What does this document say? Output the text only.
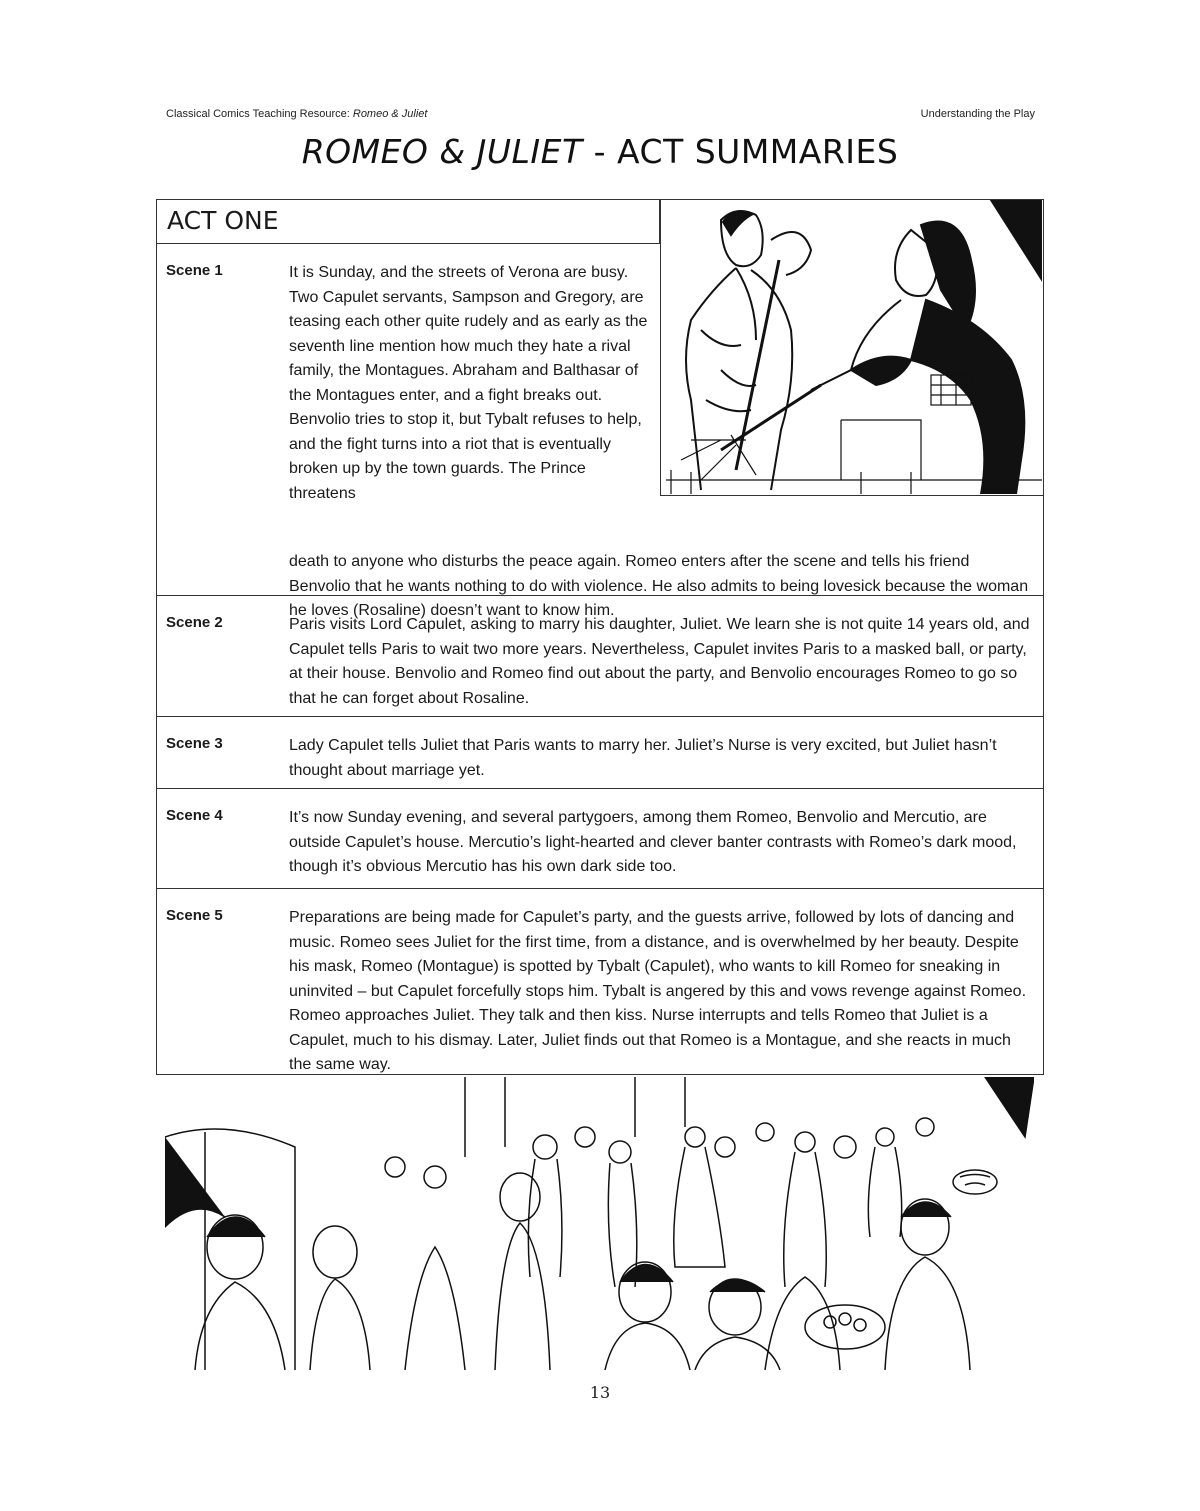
Classical Comics Teaching Resource: Romeo & Juliet	Understanding the Play
ROMEO & JULIET - ACT SUMMARIES
ACT ONE
Scene 1	It is Sunday, and the streets of Verona are busy. Two Capulet servants, Sampson and Gregory, are teasing each other quite rudely and as early as the seventh line mention how much they hate a rival family, the Montagues. Abraham and Balthasar of the Montagues enter, and a fight breaks out. Benvolio tries to stop it, but Tybalt refuses to help, and the fight turns into a riot that is eventually broken up by the town guards. The Prince threatens
death to anyone who disturbs the peace again. Romeo enters after the scene and tells his friend Benvolio that he wants nothing to do with violence. He also admits to being lovesick because the woman he loves (Rosaline) doesn’t want to know him.
Scene 2	Paris visits Lord Capulet, asking to marry his daughter, Juliet. We learn she is not quite 14 years old, and Capulet tells Paris to wait two more years. Nevertheless, Capulet invites Paris to a masked ball, or party, at their house. Benvolio and Romeo find out about the party, and Benvolio encourages Romeo to go so that he can forget about Rosaline.
Scene 3	Lady Capulet tells Juliet that Paris wants to marry her. Juliet’s Nurse is very excited, but Juliet hasn’t thought about marriage yet.
Scene 4	It’s now Sunday evening, and several partygoers, among them Romeo, Benvolio and Mercutio, are outside Capulet’s house. Mercutio’s light-hearted and clever banter contrasts with Romeo’s dark mood, though it’s obvious Mercutio has his own dark side too.
Scene 5	Preparations are being made for Capulet’s party, and the guests arrive, followed by lots of dancing and music. Romeo sees Juliet for the first time, from a distance, and is overwhelmed by her beauty. Despite his mask, Romeo (Montague) is spotted by Tybalt (Capulet), who wants to kill Romeo for sneaking in uninvited – but Capulet forcefully stops him. Tybalt is angered by this and vows revenge against Romeo. Romeo approaches Juliet. They talk and then kiss. Nurse interrupts and tells Romeo that Juliet is a Capulet, much to his dismay. Later, Juliet finds out that Romeo is a Montague, and she reacts in much the same way.
13
